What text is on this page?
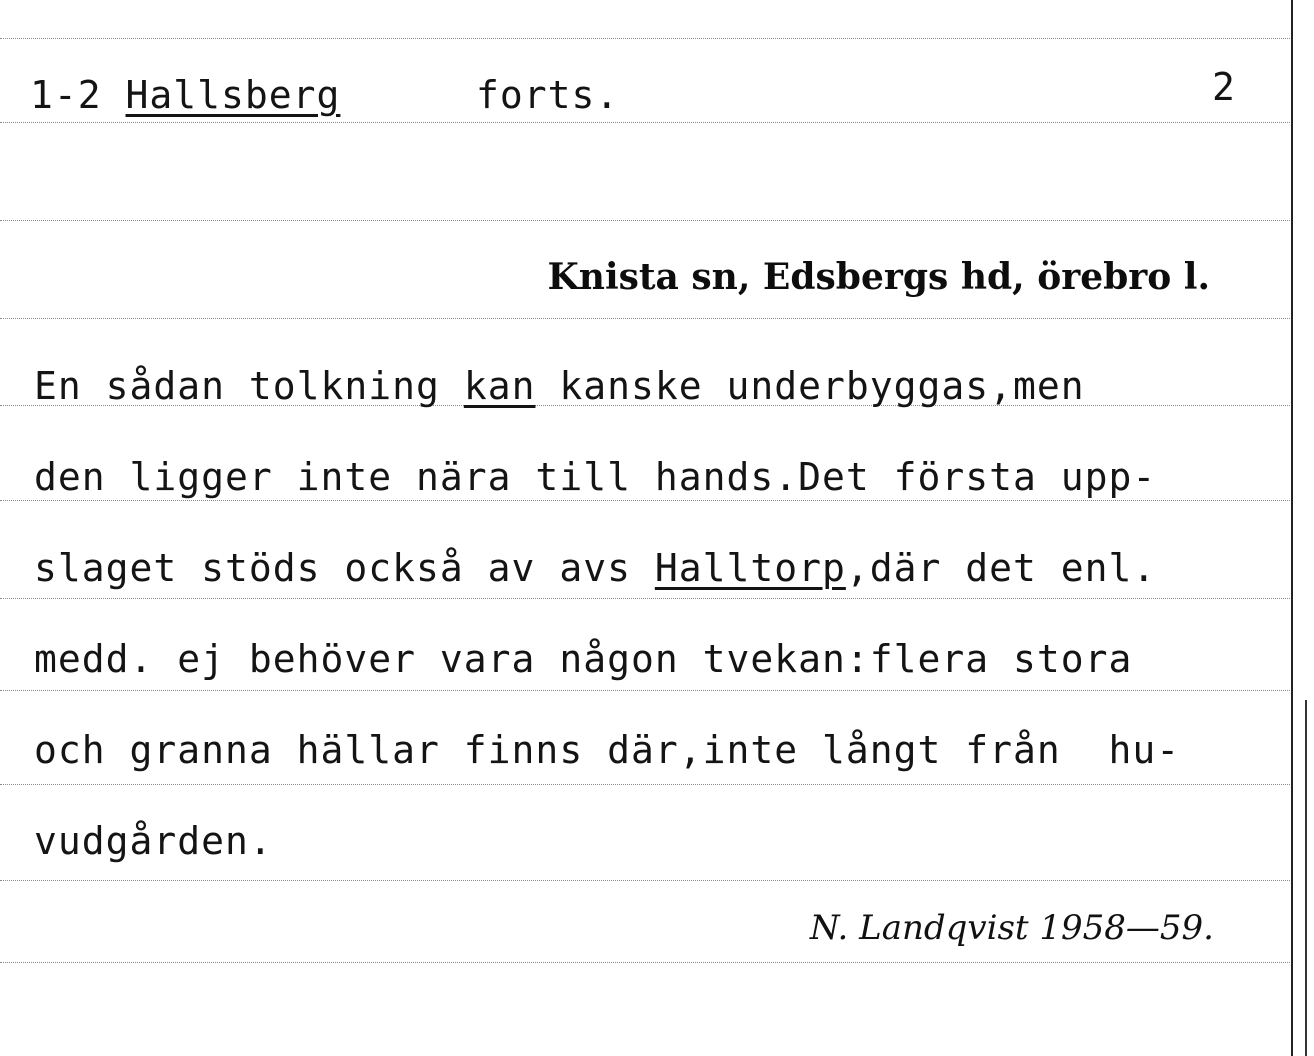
1-2 Hallsberg	forts.	2
Knista sn, Edsbergs hd, örebro l.
En sådan tolkning kan kanske underbyggas,men
den ligger inte nära till hands.Det första upp-
slaget stöds också av avs Halltorp,där det enl.
medd. ej behöver vara någon tvekan:flera stora
och granna hällar finns där,inte långt från  hu-
vudgården.
N. Landqvist 1958—59.
